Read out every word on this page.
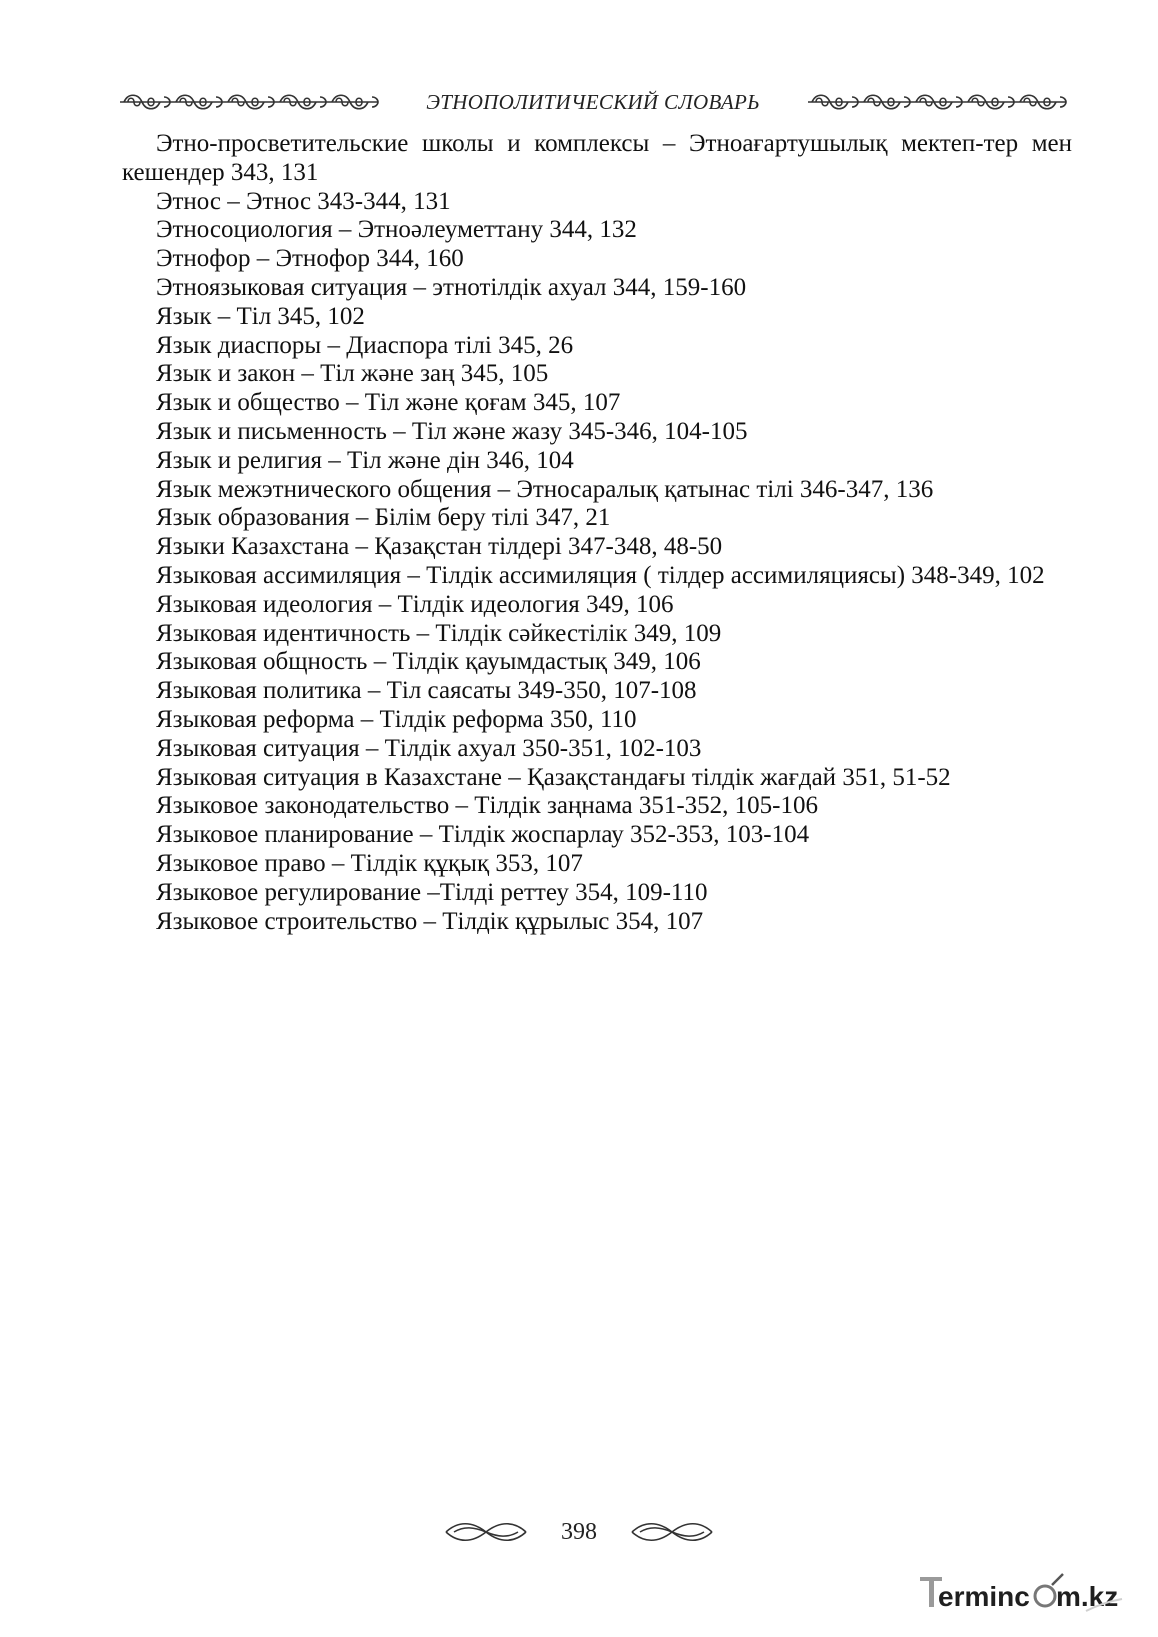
ЭТНОПОЛИТИЧЕСКИЙ СЛОВАРЬ

Этно-просветительские школы и комплексы – Этноағартушылық мектеп-тер мен кешендер 343, 131

Этнос – Этнос 343-344, 131

Этносоциология – Этноәлеуметтану 344, 132

Этнофор – Этнофор 344, 160

Этноязыковая ситуация – этнотілдік ахуал 344, 159-160

Язык – Тіл 345, 102

Язык диаспоры – Диаспора тілі 345, 26

Язык и закон – Тіл және заң 345, 105

Язык и общество – Тіл және қоғам 345, 107

Язык и письменность – Тіл және жазу 345-346, 104-105

Язык и религия – Тіл және дін 346, 104

Язык межэтнического общения – Этносаралық қатынас тілі 346-347, 136

Язык образования – Білім беру тілі 347, 21

Языки Казахстана – Қазақстан тілдері 347-348, 48-50

Языковая ассимиляция – Тілдік ассимиляция ( тілдер ассимиляциясы) 348-349, 102

Языковая идеология – Тілдік идеология 349, 106

Языковая идентичность – Тілдік сәйкестілік 349, 109

Языковая общность – Тілдік қауымдастық 349, 106

Языковая политика – Тіл саясаты 349-350, 107-108

Языковая реформа – Тілдік реформа 350, 110

Языковая ситуация – Тілдік ахуал 350-351, 102-103

Языковая ситуация в Казахстане – Қазақстандағы тілдік жағдай 351, 51-52

Языковое законодательство – Тілдік заңнама 351-352, 105-106

Языковое планирование – Тілдік жоспарлау 352-353, 103-104

Языковое право – Тілдік құқық 353, 107

Языковое регулирование –Тілді реттеу 354, 109-110

Языковое строительство – Тілдік құрылыс 354, 107

398
erminc m.kz
